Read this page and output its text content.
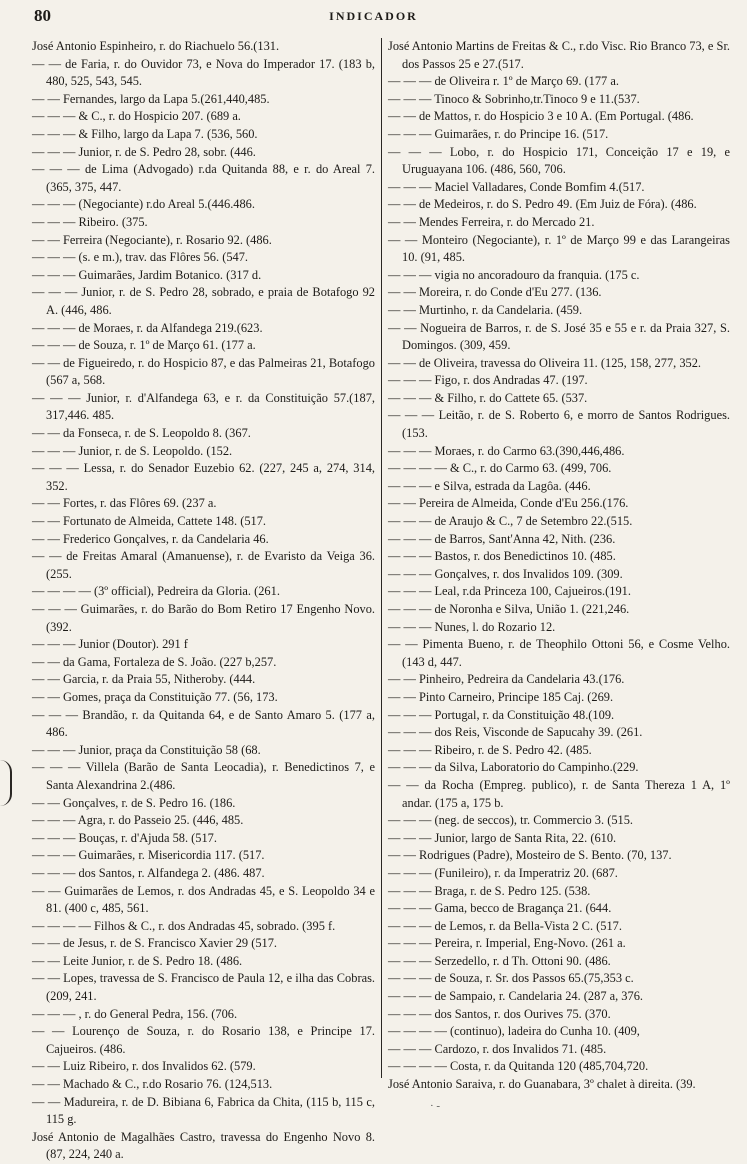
80	INDICADOR

José Antonio Espinheiro, r. do Riachuelo 56.(131.

— — de Faria, r. do Ouvidor 73, e Nova do Imperador 17. (183 b, 480, 525, 543, 545.

— — Fernandes, largo da Lapa 5.(261,440,485.

— — — & C., r. do Hospicio 207. (689 a.

— — — & Filho, largo da Lapa 7. (536, 560.

— — — Junior, r. de S. Pedro 28, sobr. (446.

— — — de Lima (Advogado) r.da Quitanda 88, e r. do Areal 7. (365, 375, 447.

— — — (Negociante) r.do Areal 5.(446.486.

— — — Ribeiro. (375.

— — Ferreira (Negociante), r. Rosario 92. (486.

— — — (s. e m.), trav. das Flôres 56. (547.

— — — Guimarães, Jardim Botanico. (317 d.

— — — Junior, r. de S. Pedro 28, sobrado, e praia de Botafogo 92 A. (446, 486.

— — — de Moraes, r. da Alfandega 219.(623.

— — — de Souza, r. 1º de Março 61. (177 a.

— — de Figueiredo, r. do Hospicio 87, e das Palmeiras 21, Botafogo (567 a, 568.

— — — Junior, r. d'Alfandega 63, e r. da Constituição 57.(187, 317,446. 485.

— — da Fonseca, r. de S. Leopoldo 8. (367.

— — — Junior, r. de S. Leopoldo. (152.

— — — Lessa, r. do Senador Euzebio 62. (227, 245 a, 274, 314, 352.

— — Fortes, r. das Flôres 69. (237 a.

— — Fortunato de Almeida, Cattete 148. (517.

— — Frederico Gonçalves, r. da Candelaria 46.

— — de Freitas Amaral (Amanuense), r. de Evaristo da Veiga 36. (255.

— — — — (3º official), Pedreira da Gloria. (261.

— — — Guimarães, r. do Barão do Bom Retiro 17 Engenho Novo. (392.

— — — Junior (Doutor). 291 f

— — da Gama, Fortaleza de S. João. (227 b,257.

— — Garcia, r. da Praia 55, Nitheroby. (444.

— — Gomes, praça da Constituição 77. (56, 173.

— — — Brandão, r. da Quitanda 64, e de Santo Amaro 5. (177 a, 486.

— — — Junior, praça da Constituição 58 (68.

— — — Villela (Barão de Santa Leocadia), r. Benedictinos 7, e Santa Alexandrina 2.(486.

— — Gonçalves, r. de S. Pedro 16. (186.

— — — Agra, r. do Passeio 25. (446, 485.

— — — Bouças, r. d'Ajuda 58. (517.

— — — Guimarães, r. Misericordia 117. (517.

— — — dos Santos, r. Alfandega 2. (486. 487.

— — Guimarães de Lemos, r. dos Andradas 45, e S. Leopoldo 34 e 81. (400 c, 485, 561.

— — — — Filhos & C., r. dos Andradas 45, sobrado. (395 f.

— — de Jesus, r. de S. Francisco Xavier 29 (517.

— — Leite Junior, r. de S. Pedro 18. (486.

— — Lopes, travessa de S. Francisco de Paula 12, e ilha das Cobras. (209, 241.

— — — , r. do General Pedra, 156. (706.

— — Lourenço de Souza, r. do Rosario 138, e Principe 17. Cajueiros. (486.

— — Luiz Ribeiro, r. dos Invalidos 62. (579.

— — Machado & C., r.do Rosario 76. (124,513.

— — Madureira, r. de D. Bibiana 6, Fabrica da Chita, (115 b, 115 c, 115 g.

José Antonio de Magalhães Castro, travessa do Engenho Novo 8. (87, 224, 240 a.

José Antonio Martins de Freitas & C., r.do Visc. Rio Branco 73, e Sr. dos Passos 25 e 27.(517.

— — — de Oliveira r. 1º de Março 69. (177 a.

— — — Tinoco & Sobrinho,tr.Tinoco 9 e 11.(537.

— — de Mattos, r. do Hospicio 3 e 10 A. (Em Portugal. (486.

— — — Guimarães, r. do Principe 16. (517.

— — — Lobo, r. do Hospicio 171, Conceição 17 e 19, e Uruguayana 106. (486, 560, 706.

— — — Maciel Valladares, Conde Bomfim 4.(517.

— — de Medeiros, r. do S. Pedro 49. (Em Juiz de Fóra). (486.

— — Mendes Ferreira, r. do Mercado 21.

— — Monteiro (Negociante), r. 1º de Março 99 e das Larangeiras 10. (91, 485.

— — — vigia no ancoradouro da franquia. (175 c.

— — Moreira, r. do Conde d'Eu 277. (136.

— — Murtinho, r. da Candelaria. (459.

— — Nogueira de Barros, r. de S. José 35 e 55 e r. da Praia 327, S. Domingos. (309, 459.

— — de Oliveira, travessa do Oliveira 11. (125, 158, 277, 352.

— — — Figo, r. dos Andradas 47. (197.

— — — & Filho, r. do Cattete 65. (537.

— — — Leitão, r. de S. Roberto 6, e morro de Santos Rodrigues. (153.

— — — Moraes, r. do Carmo 63.(390,446,486.

— — — — & C., r. do Carmo 63. (499, 706.

— — — e Silva, estrada da Lagôa. (446.

— — Pereira de Almeida, Conde d'Eu 256.(176.

— — — de Araujo & C., 7 de Setembro 22.(515.

— — — de Barros, Sant'Anna 42, Nith. (236.

— — — Bastos, r. dos Benedictinos 10. (485.

— — — Gonçalves, r. dos Invalidos 109. (309.

— — — Leal, r.da Princeza 100, Cajueiros.(191.

— — — de Noronha e Silva, União 1. (221,246.

— — — Nunes, l. do Rozario 12.

— — Pimenta Bueno, r. de Theophilo Ottoni 56, e Cosme Velho. (143 d, 447.

— — Pinheiro, Pedreira da Candelaria 43.(176.

— — Pinto Carneiro, Principe 185 Caj. (269.

— — — Portugal, r. da Constituição 48.(109.

— — — dos Reis, Visconde de Sapucahy 39. (261.

— — — Ribeiro, r. de S. Pedro 42. (485.

— — — da Silva, Laboratorio do Campinho.(229.

— — da Rocha (Empreg. publico), r. de Santa Thereza 1 A, 1º andar. (175 a, 175 b.

— — — (neg. de seccos), tr. Commercio 3. (515.

— — — Junior, largo de Santa Rita, 22. (610.

— — Rodrigues (Padre), Mosteiro de S. Bento. (70, 137.

— — — (Funileiro), r. da Imperatriz 20. (687.

— — — Braga, r. de S. Pedro 125. (538.

— — — Gama, becco de Bragança 21. (644.

— — — de Lemos, r. da Bella-Vista 2 C. (517.

— — — Pereira, r. Imperial, Eng-Novo. (261 a.

— — — Serzedello, r. d Th. Ottoni 90. (486.

— — — de Souza, r. Sr. dos Passos 65.(75,353 c.

— — — de Sampaio, r. Candelaria 24. (287 a, 376.

— — — dos Santos, r. dos Ourives 75. (370.

— — — — (continuo), ladeira do Cunha 10. (409,

— — — Cardozo, r. dos Invalidos 71. (485.

— — — — Costa, r. da Quitanda 120 (485,704,720.

José Antonio Saraiva, r. do Guanabara, 3º chalet à direita. (39.

· -
